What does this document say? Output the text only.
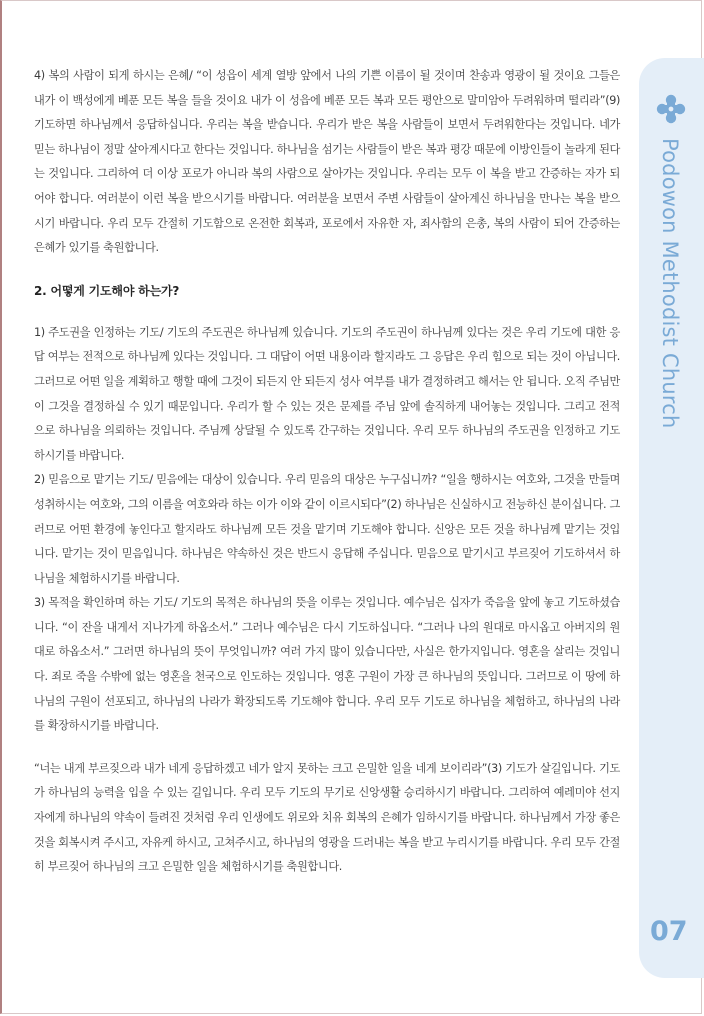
4) 복의 사람이 되게 하시는 은혜/ “이 성읍이 세계 열방 앞에서 나의 기쁜 이름이 될 것이며 찬송과 영광이 될 것이요 그들은 내가 이 백성에게 베푼 모든 복을 들을 것이요 내가 이 성읍에 베푼 모든 복과 모든 평안으로 말미암아 두려워하며 떨리라”(9) 기도하면 하나님께서 응답하십니다. 우리는 복을 받습니다. 우리가 받은 복을 사람들이 보면서 두려워한다는 것입니다. 네가 믿는 하나님이 정말 살아계시다고 한다는 것입니다. 하나님을 섬기는 사람들이 받은 복과 평강 때문에 이방인들이 놀라게 된다는 것입니다. 그리하여 더 이상 포로가 아니라 복의 사람으로 살아가는 것입니다. 우리는 모두 이 복을 받고 간증하는 자가 되어야 합니다. 여러분이 이런 복을 받으시기를 바랍니다. 여러분을 보면서 주변 사람들이 살아계신 하나님을 만나는 복을 받으시기 바랍니다. 우리 모두 간절히 기도함으로 온전한 회복과, 포로에서 자유한 자, 죄사함의 은총, 복의 사람이 되어 간증하는 은혜가 있기를 축원합니다.

2. 어떻게 기도해야 하는가?

1) 주도권을 인정하는 기도/ 기도의 주도권은 하나님께 있습니다. 기도의 주도권이 하나님께 있다는 것은 우리 기도에 대한 응답 여부는 전적으로 하나님께 있다는 것입니다. 그 대답이 어떤 내용이라 할지라도 그 응답은 우리 힘으로 되는 것이 아닙니다. 그러므로 어떤 일을 계획하고 행할 때에 그것이 되든지 안 되든지 성사 여부를 내가 결정하려고 해서는 안 됩니다. 오직 주님만이 그것을 결정하실 수 있기 때문입니다. 우리가 할 수 있는 것은 문제를 주님 앞에 솔직하게 내어놓는 것입니다. 그리고 전적으로 하나님을 의뢰하는 것입니다. 주님께 상달될 수 있도록 간구하는 것입니다. 우리 모두 하나님의 주도권을 인정하고 기도하시기를 바랍니다.

2) 믿음으로 맡기는 기도/ 믿음에는 대상이 있습니다. 우리 믿음의 대상은 누구십니까? “일을 행하시는 여호와, 그것을 만들며 성취하시는 여호와, 그의 이름을 여호와라 하는 이가 이와 같이 이르시되다”(2) 하나님은 신실하시고 전능하신 분이십니다. 그러므로 어떤 환경에 놓인다고 할지라도 하나님께 모든 것을 맡기며 기도해야 합니다. 신앙은 모든 것을 하나님께 맡기는 것입니다. 맡기는 것이 믿음입니다. 하나님은 약속하신 것은 반드시 응답해 주십니다. 믿음으로 맡기시고 부르짖어 기도하셔서 하나님을 체험하시기를 바랍니다.

3) 목적을 확인하며 하는 기도/ 기도의 목적은 하나님의 뜻을 이루는 것입니다. 예수님은 십자가 죽음을 앞에 놓고 기도하셨습니다. “이 잔을 내게서 지나가게 하옵소서.” 그러나 예수님은 다시 기도하십니다. “그러나 나의 원대로 마시옵고 아버지의 원대로 하옵소서.” 그러면 하나님의 뜻이 무엇입니까? 여러 가지 많이 있습니다만, 사실은 한가지입니다. 영혼을 살리는 것입니다. 죄로 죽을 수밖에 없는 영혼을 천국으로 인도하는 것입니다. 영혼 구원이 가장 큰 하나님의 뜻입니다. 그러므로 이 땅에 하나님의 구원이 선포되고, 하나님의 나라가 확장되도록 기도해야 합니다. 우리 모두 기도로 하나님을 체험하고, 하나님의 나라를 확장하시기를 바랍니다.

“너는 내게 부르짖으라 내가 네게 응답하겠고 네가 알지 못하는 크고 은밀한 일을 네게 보이리라”(3) 기도가 살길입니다. 기도가 하나님의 능력을 입을 수 있는 길입니다. 우리 모두 기도의 무기로 신앙생활 승리하시기 바랍니다. 그리하여 예레미야 선지자에게 하나님의 약속이 들려진 것처럼 우리 인생에도 위로와 치유 회복의 은혜가 임하시기를 바랍니다. 하나님께서 가장 좋은 것을 회복시켜 주시고, 자유케 하시고, 고쳐주시고, 하나님의 영광을 드러내는 복을 받고 누리시기를 바랍니다. 우리 모두 간절히 부르짖어 하나님의 크고 은밀한 일을 체험하시기를 축원합니다.

Podowon Methodist Church
07
